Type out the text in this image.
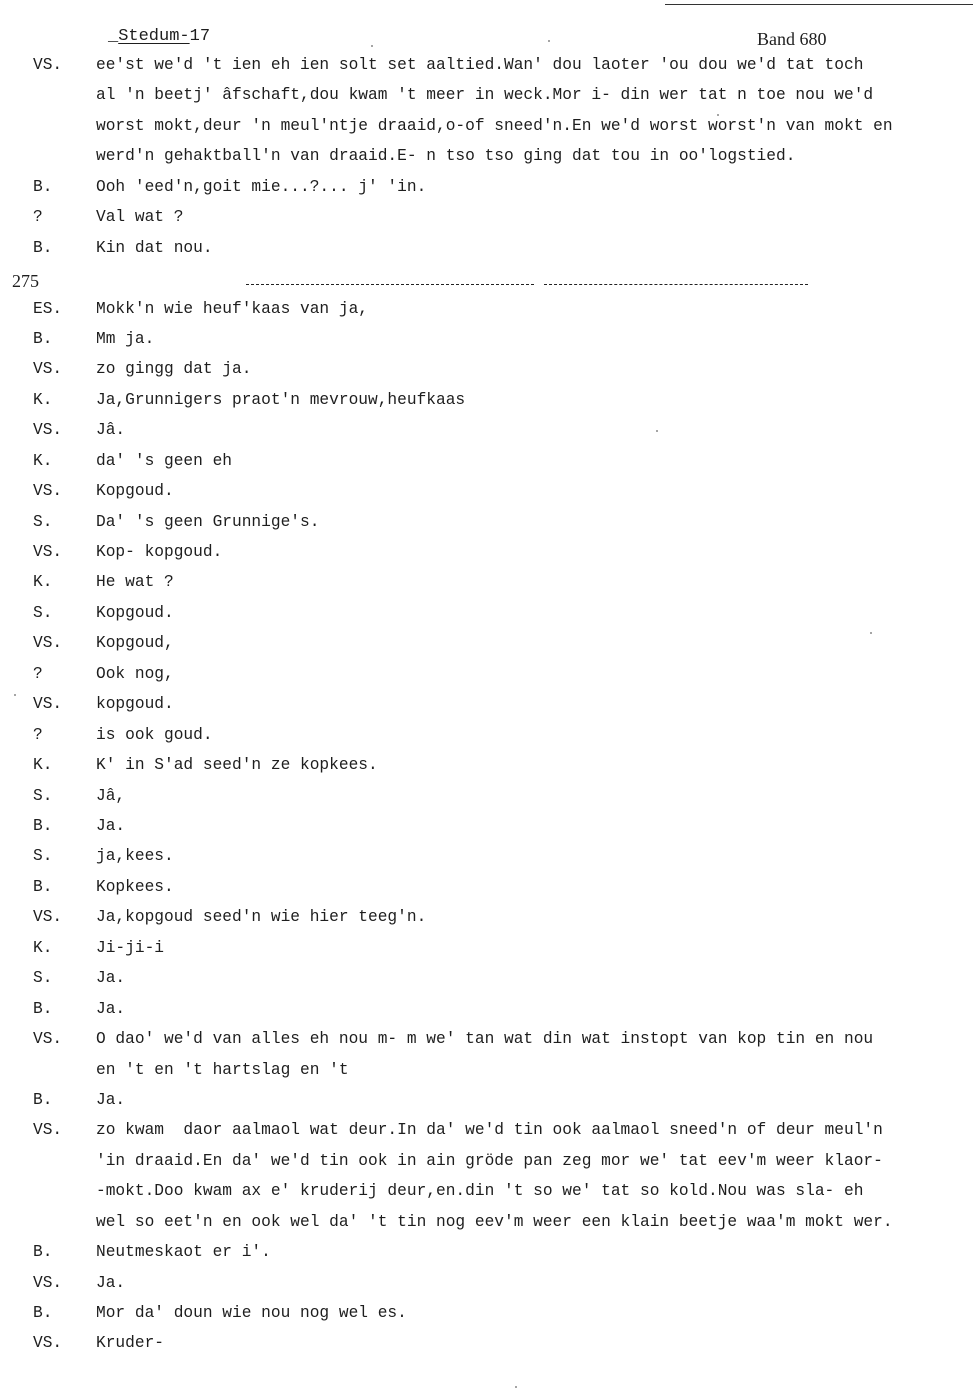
_Stedum-17	Band 680
275
VS. ee'st we'd 't ien eh ien solt set aaltied.Wan' dou laoter 'ou dou we'd tat toch
al 'n beetj' âfschaft,dou kwam 't meer in weck.Mor i- din wer tat n toe nou we'd
worst mokt,deur 'n meul'ntje draaid,o-of sneed'n.En we'd worst worst'n van mokt en
werd'n gehaktball'n van draaid.E- n tso tso ging dat tou in oo'logstied.
B.	Ooh 'eed'n,goit mie...?... j' 'in.
?	Val wat ?
B.	Kin dat nou.
ES. Mokk'n wie heuf'kaas van ja,
B.	Mm ja.
VS. zo gingg dat ja.
K.	Ja,Grunnigers praot'n mevrouw,heufkaas
VS. Jâ.
K.	da' 's geen eh
VS. Kopgoud.
S.	Da' 's geen Grunnige's.
VS. Kop- kopgoud.
K.	He wat ?
S.	Kopgoud.
VS. Kopgoud,
?	Ook nog,
VS. kopgoud.
?	is ook goud.
K.	K' in S'ad seed'n ze kopkees.
S.	Jâ,
B.	Ja.
S.	ja,kees.
B.	Kopkees.
VS. Ja,kopgoud seed'n wie hier teeg'n.
K.	Ji-ji-i
S.	Ja.
B.	Ja.
VS. O dao' we'd van alles eh nou m- m we' tan wat din wat instopt van kop tin en nou
en 't en 't hartslag en 't
B.	Ja.
VS. zo kwam  daor aalmaol wat deur.In da' we'd tin ook aalmaol sneed'n of deur meul'n
'in draaid.En da' we'd tin ook in ain gröde pan zeg mor we' tat eev'm weer klaor-
-mokt.Doo kwam ax e' kruderij deur,en.din 't so we' tat so kold.Nou was sla- eh
wel so eet'n en ook wel da' 't tin nog eev'm weer een klain beetje waa'm mokt wer.
B.	Neutmeskaot er i'.
VS. Ja.
B.	Mor da' doun wie nou nog wel es.
VS. Kruder-
